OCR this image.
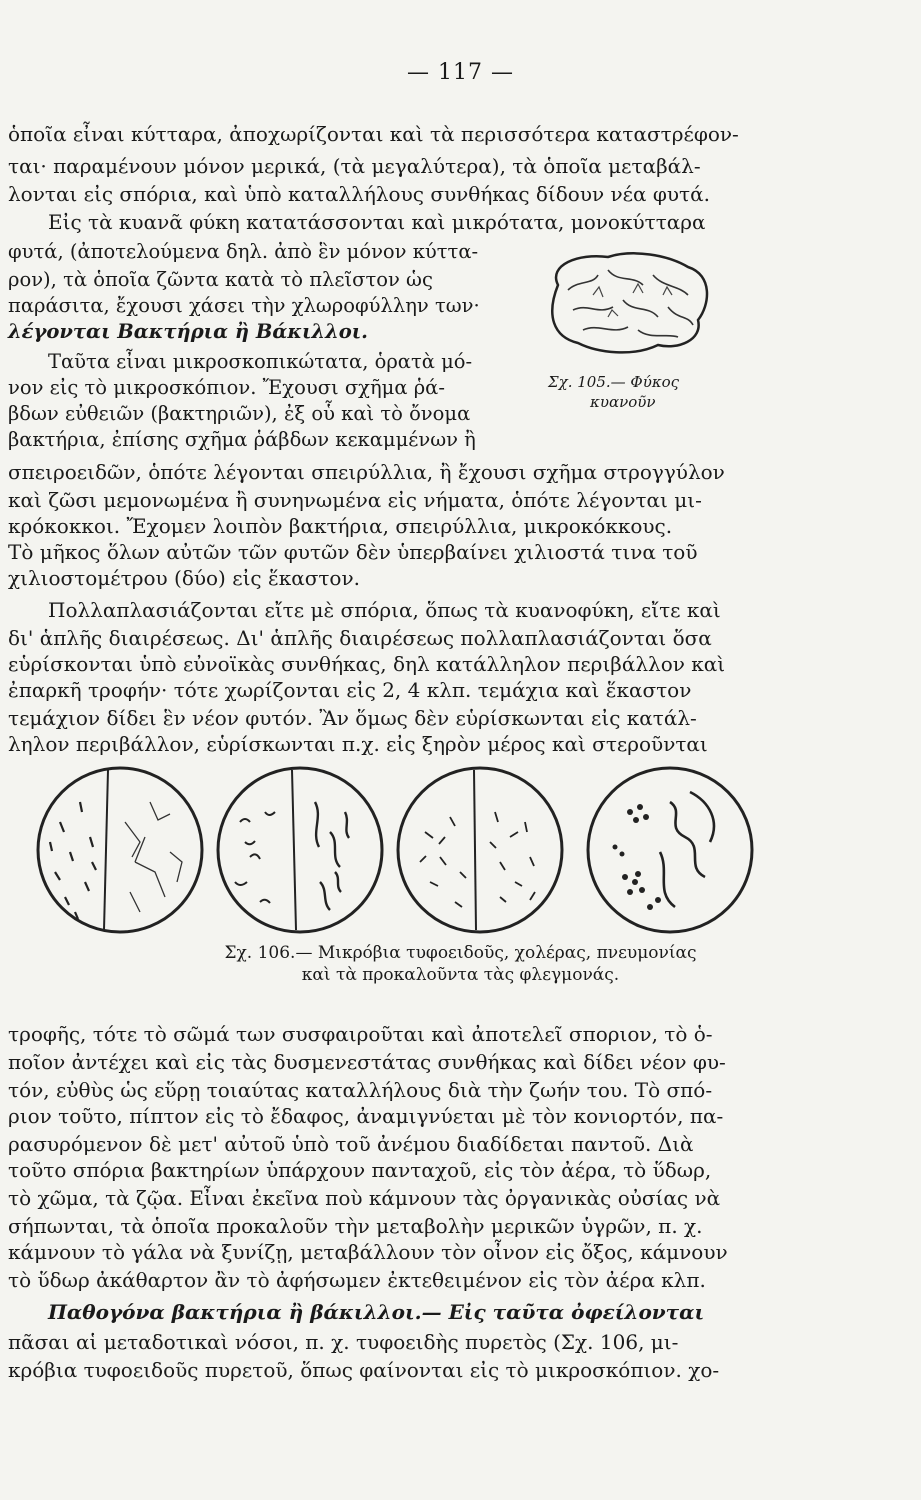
— 117 —
ὁποῖα εἶναι κύτταρα, ἀποχωρίζονται καὶ τὰ περισσότερα καταστρέφον-
ται· παραμένουν μόνον μερικά, (τὰ μεγαλύτερα), τὰ ὁποῖα μεταβάλ-
λονται εἰς σπόρια, καὶ ὑπὸ καταλλήλους συνθήκας δίδουν νέα φυτά.
Εἰς τὰ κυανᾶ φύκη κατατάσσονται καὶ μικρότατα, μονοκύτταρα
φυτά, (ἀποτελούμενα δηλ. ἀπὸ ἓν μόνον κύττα-
ρον), τὰ ὁποῖα ζῶντα κατὰ τὸ πλεῖστον ὡς
παράσιτα, ἔχουσι χάσει τὴν χλωροφύλλην των·
λέγονται Βακτήρια ἢ Βάκιλλοι.
Ταῦτα εἶναι μικροσκοπικώτατα, ὁρατὰ μό-
νον εἰς τὸ μικροσκόπιον. Ἔχουσι σχῆμα ῥά-
βδων εὐθειῶν (βακτηριῶν), ἐξ οὗ καὶ τὸ ὄνομα
βακτήρια, ἐπίσης σχῆμα ῥάβδων κεκαμμένων ἢ
Σχ. 105.— Φύκος
κυανοῦν
σπειροειδῶν, ὁπότε λέγονται σπειρύλλια, ἢ ἔχουσι σχῆμα στρογγύλον
καὶ ζῶσι μεμονωμένα ἢ συνηνωμένα εἰς νήματα, ὁπότε λέγονται μι-
κρόκοκκοι. Ἔχομεν λοιπὸν βακτήρια, σπειρύλλια, μικροκόκκους.
Τὸ μῆκος ὅλων αὐτῶν τῶν φυτῶν δὲν ὑπερβαίνει χιλιοστά τινα τοῦ
χιλιοστομέτρου (δύο) εἰς ἕκαστον.
Πολλαπλασιάζονται εἴτε μὲ σπόρια, ὅπως τὰ κυανοφύκη, εἴτε καὶ
δι' ἁπλῆς διαιρέσεως. Δι' ἁπλῆς διαιρέσεως πολλαπλασιάζονται ὅσα
εὑρίσκονται ὑπὸ εὐνοϊκὰς συνθήκας, δηλ κατάλληλον περιβάλλον καὶ
ἐπαρκῆ τροφήν· τότε χωρίζονται εἰς 2, 4 κλπ. τεμάχια καὶ ἕκαστον
τεμάχιον δίδει ἓν νέον φυτόν. Ἂν ὅμως δὲν εὑρίσκωνται εἰς κατάλ-
ληλον περιβάλλον, εὑρίσκωνται π.χ. εἰς ξηρὸν μέρος καὶ στεροῦνται
Σχ. 106.— Μικρόβια τυφοειδοῦς, χολέρας, πνευμονίας
καὶ τὰ προκαλοῦντα τὰς φλεγμονάς.
τροφῆς, τότε τὸ σῶμά των συσφαιροῦται καὶ ἀποτελεῖ σποριον, τὸ ὁ-
ποῖον ἀντέχει καὶ εἰς τὰς δυσμενεστάτας συνθήκας καὶ δίδει νέον φυ-
τόν, εὐθὺς ὡς εὕρῃ τοιαύτας καταλλήλους διὰ τὴν ζωήν του. Τὸ σπό-
ριον τοῦτο, πίπτον εἰς τὸ ἔδαφος, ἀναμιγνύεται μὲ τὸν κονιορτόν, πα-
ρασυρόμενον δὲ μετ' αὐτοῦ ὑπὸ τοῦ ἀνέμου διαδίδεται παντοῦ. Διὰ
τοῦτο σπόρια βακτηρίων ὑπάρχουν πανταχοῦ, εἰς τὸν ἀέρα, τὸ ὕδωρ,
τὸ χῶμα, τὰ ζῷα. Εἶναι ἐκεῖνα ποὺ κάμνουν τὰς ὀργανικὰς οὐσίας νὰ
σήπωνται, τὰ ὁποῖα προκαλοῦν τὴν μεταβολὴν μερικῶν ὑγρῶν, π. χ.
κάμνουν τὸ γάλα νὰ ξυνίζῃ, μεταβάλλουν τὸν οἶνον εἰς ὄξος, κάμνουν
τὸ ὕδωρ ἀκάθαρτον ἂν τὸ ἀφήσωμεν ἐκτεθειμένον εἰς τὸν ἀέρα κλπ.
Παθογόνα βακτήρια ἢ βάκιλλοι.— Εἰς ταῦτα ὀφείλονται
πᾶσαι αἱ μεταδοτικαὶ νόσοι, π. χ. τυφοειδὴς πυρετὸς (Σχ. 106, μι-
κρόβια τυφοειδοῦς πυρετοῦ, ὅπως φαίνονται εἰς τὸ μικροσκόπιον. χο-
